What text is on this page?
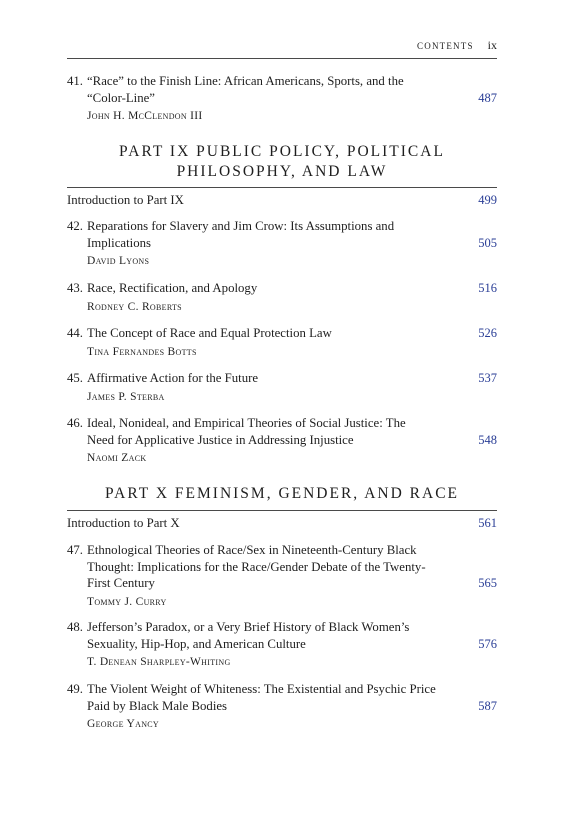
CONTENTS ix
41. “Race” to the Finish Line: African Americans, Sports, and the “Color-Line”	487
John H. McClendon III
PART IX PUBLIC POLICY, POLITICAL PHILOSOPHY, AND LAW
Introduction to Part IX	499
42. Reparations for Slavery and Jim Crow: Its Assumptions and Implications	505
David Lyons
43. Race, Rectification, and Apology	516
Rodney C. Roberts
44. The Concept of Race and Equal Protection Law	526
Tina Fernandes Botts
45. Affirmative Action for the Future	537
James P. Sterba
46. Ideal, Nonideal, and Empirical Theories of Social Justice: The Need for Applicative Justice in Addressing Injustice	548
Naomi Zack
PART X FEMINISM, GENDER, AND RACE
Introduction to Part X	561
47. Ethnological Theories of Race/Sex in Nineteenth-Century Black Thought: Implications for the Race/Gender Debate of the Twenty-First Century	565
Tommy J. Curry
48. Jefferson’s Paradox, or a Very Brief History of Black Women’s Sexuality, Hip-Hop, and American Culture	576
T. Denean Sharpley-Whiting
49. The Violent Weight of Whiteness: The Existential and Psychic Price Paid by Black Male Bodies	587
George Yancy
